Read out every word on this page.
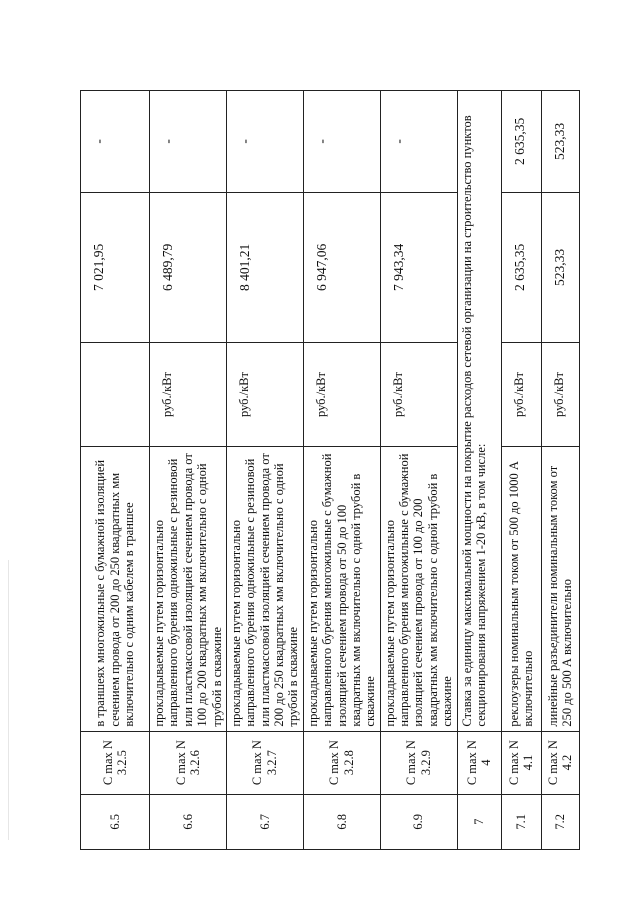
6.5	C max N 3.2.5	в траншеях многожильные с бумажной изоляцией сечением провода от 200 до 250 квадратных мм включительно с одним кабелем в траншее		7 021,95	-
6.6	C max N 3.2.6	прокладываемые путем горизонтально направленного бурения одножильные с резиновой или пластмассовой изоляцией сечением провода от 100 до 200 квадратных мм включительно с одной трубой в скважине	руб./кВт	6 489,79	-
6.7	C max N 3.2.7	прокладываемые путем горизонтально направленного бурения одножильные с резиновой или пластмассовой изоляцией сечением провода от 200 до 250 квадратных мм включительно с одной трубой в скважине	руб./кВт	8 401,21	-
6.8	C max N 3.2.8	прокладываемые путем горизонтально направленного бурения многожильные с бумажной изоляцией сечением провода от 50 до 100 квадратных мм включительно с одной трубой в скважине	руб./кВт	6 947,06	-
6.9	C max N 3.2.9	прокладываемые путем горизонтально направленного бурения многожильные с бумажной изоляцией сечением провода от 100 до 200 квадратных мм включительно с одной трубой в скважине	руб./кВт	7 943,34	-
7	C max N 4	Ставка за единицу максимальной мощности на покрытие расходов сетевой организации на строительство пунктов секционирования напряжением 1-20 кВ, в том числе:			
7.1	C max N 4.1	реклоузеры номинальным током от 500 до 1000 А включительно	руб./кВт	2 635,35	2 635,35
7.2	C max N 4.2	линейные разъединители номинальным током от 250 до 500 А включительно	руб./кВт	523,33	523,33
